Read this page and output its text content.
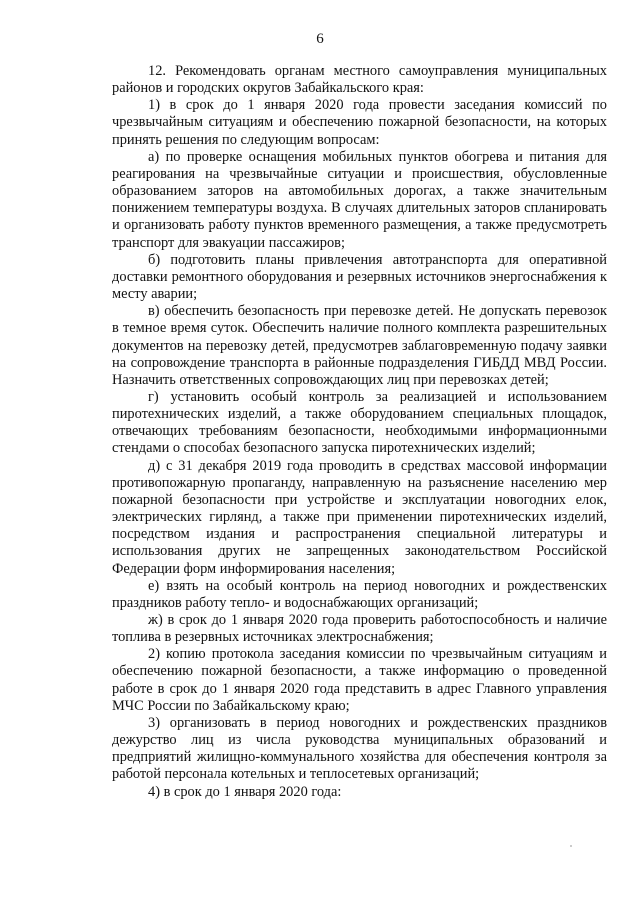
6

12. Рекомендовать органам местного самоуправления муниципальных районов и городских округов Забайкальского края:

1) в срок до 1 января 2020 года провести заседания комиссий по чрезвычайным ситуациям и обеспечению пожарной безопасности, на которых принять решения по следующим вопросам:

а) по проверке оснащения мобильных пунктов обогрева и питания для реагирования на чрезвычайные ситуации и происшествия, обусловленные образованием заторов на автомобильных дорогах, а также значительным понижением температуры воздуха. В случаях длительных заторов спланировать и организовать работу пунктов временного размещения, а также предусмотреть транспорт для эвакуации пассажиров;

б) подготовить планы привлечения автотранспорта для оперативной доставки ремонтного оборудования и резервных источников энергоснабжения к месту аварии;

в) обеспечить безопасность при перевозке детей. Не допускать перевозок в темное время суток. Обеспечить наличие полного комплекта разрешительных документов на перевозку детей, предусмотрев заблаговременную подачу заявки на сопровождение транспорта в районные подразделения ГИБДД МВД России. Назначить ответственных сопровождающих лиц при перевозках детей;

г) установить особый контроль за реализацией и использованием пиротехнических изделий, а также оборудованием специальных площадок, отвечающих требованиям безопасности, необходимыми информационными стендами о способах безопасного запуска пиротехнических изделий;

д) с 31 декабря 2019 года проводить в средствах массовой информации противопожарную пропаганду, направленную на разъяснение населению мер пожарной безопасности при устройстве и эксплуатации новогодних елок, электрических гирлянд, а также при применении пиротехнических изделий, посредством издания и распространения специальной литературы и использования других не запрещенных законодательством Российской Федерации форм информирования населения;

е) взять на особый контроль на период новогодних и рождественских праздников работу тепло- и водоснабжающих организаций;

ж) в срок до 1 января 2020 года проверить работоспособность и наличие топлива в резервных источниках электроснабжения;

2) копию протокола заседания комиссии по чрезвычайным ситуациям и обеспечению пожарной безопасности, а также информацию о проведенной работе в срок до 1 января 2020 года представить в адрес Главного управления МЧС России по Забайкальскому краю;

3) организовать в период новогодних и рождественских праздников дежурство лиц из числа руководства муниципальных образований и предприятий жилищно-коммунального хозяйства для обеспечения контроля за работой персонала котельных и теплосетевых организаций;

4) в срок до 1 января 2020 года:
